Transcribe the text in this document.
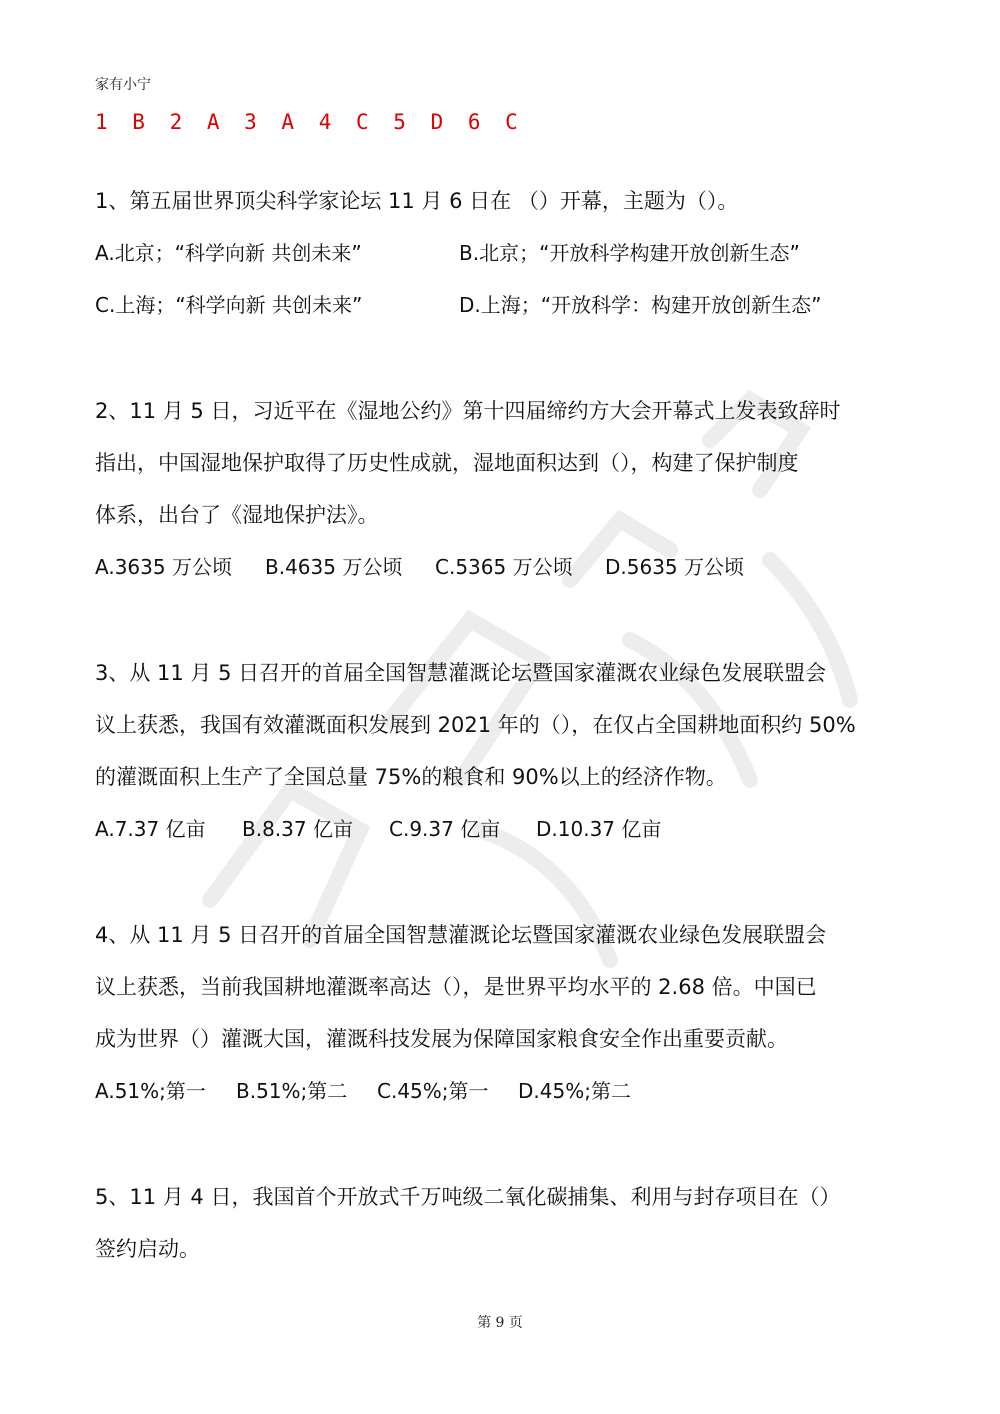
家有小宁
1 B 2 A 3 A 4 C 5 D 6 C
1、第五届世界顶尖科学家论坛 11 月 6 日在 （）开幕，主题为（）。
A.北京；“科学向新 共创未来”	B.北京；“开放科学构建开放创新生态”
C.上海；“科学向新 共创未来”	D.上海；“开放科学：构建开放创新生态”
2、11 月 5 日，习近平在《湿地公约》第十四届缔约方大会开幕式上发表致辞时
指出，中国湿地保护取得了历史性成就，湿地面积达到（），构建了保护制度
体系，出台了《湿地保护法》。
A.3635 万公顷 B.4635 万公顷 C.5365 万公顷 D.5635 万公顷
3、从 11 月 5 日召开的首届全国智慧灌溉论坛暨国家灌溉农业绿色发展联盟会
议上获悉，我国有效灌溉面积发展到 2021 年的（），在仅占全国耕地面积约 50%
的灌溉面积上生产了全国总量 75%的粮食和 90%以上的经济作物。
A.7.37 亿亩 B.8.37 亿亩 C.9.37 亿亩 D.10.37 亿亩
4、从 11 月 5 日召开的首届全国智慧灌溉论坛暨国家灌溉农业绿色发展联盟会
议上获悉，当前我国耕地灌溉率高达（），是世界平均水平的 2.68 倍。中国已
成为世界（）灌溉大国，灌溉科技发展为保障国家粮食安全作出重要贡献。
A.51%;第一 B.51%;第二 C.45%;第一 D.45%;第二
5、11 月 4 日，我国首个开放式千万吨级二氧化碳捕集、利用与封存项目在（）
签约启动。
第 9 页
